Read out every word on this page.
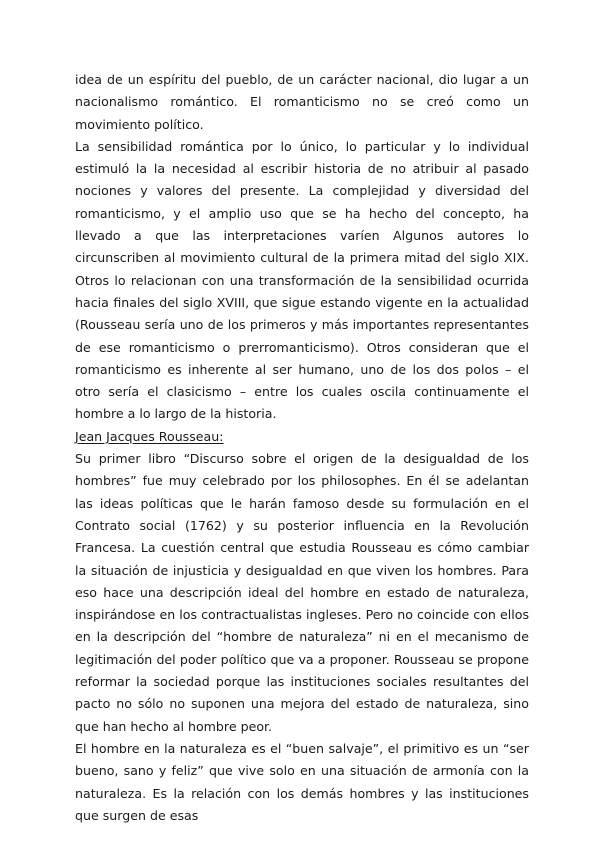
idea de un espíritu del pueblo, de un carácter nacional, dio lugar a un nacionalismo romántico. El romanticismo no se creó como un movimiento político.

La sensibilidad romántica por lo único, lo particular y lo individual estimuló la la necesidad al escribir historia de no atribuir al pasado nociones y valores del presente. La complejidad y diversidad del romanticismo, y el amplio uso que se ha hecho del concepto, ha llevado a que las interpretaciones varíen Algunos autores lo circunscriben al movimiento cultural de la primera mitad del siglo XIX. Otros lo relacionan con una transformación de la sensibilidad ocurrida hacia finales del siglo XVIII, que sigue estando vigente en la actualidad (Rousseau sería uno de los primeros y más importantes representantes de ese romanticismo o prerromanticismo). Otros consideran que el romanticismo es inherente al ser humano, uno de los dos polos – el otro sería el clasicismo – entre los cuales oscila continuamente el hombre a lo largo de la historia.

Jean Jacques Rousseau:

Su primer libro “Discurso sobre el origen de la desigualdad de los hombres” fue muy celebrado por los philosophes. En él se adelantan las ideas políticas que le harán famoso desde su formulación en el Contrato social (1762) y su posterior influencia en la Revolución Francesa. La cuestión central que estudia Rousseau es cómo cambiar la situación de injusticia y desigualdad en que viven los hombres. Para eso hace una descripción ideal del hombre en estado de naturaleza, inspirándose en los contractualistas ingleses. Pero no coincide con ellos en la descripción del “hombre de naturaleza” ni en el mecanismo de legitimación del poder político que va a proponer. Rousseau se propone reformar la sociedad porque las instituciones sociales resultantes del pacto no sólo no suponen una mejora del estado de naturaleza, sino que han hecho al hombre peor.

El hombre en la naturaleza es el “buen salvaje”, el primitivo es un “ser bueno, sano y feliz” que vive solo en una situación de armonía con la naturaleza. Es la relación con los demás hombres y las instituciones que surgen de esas
